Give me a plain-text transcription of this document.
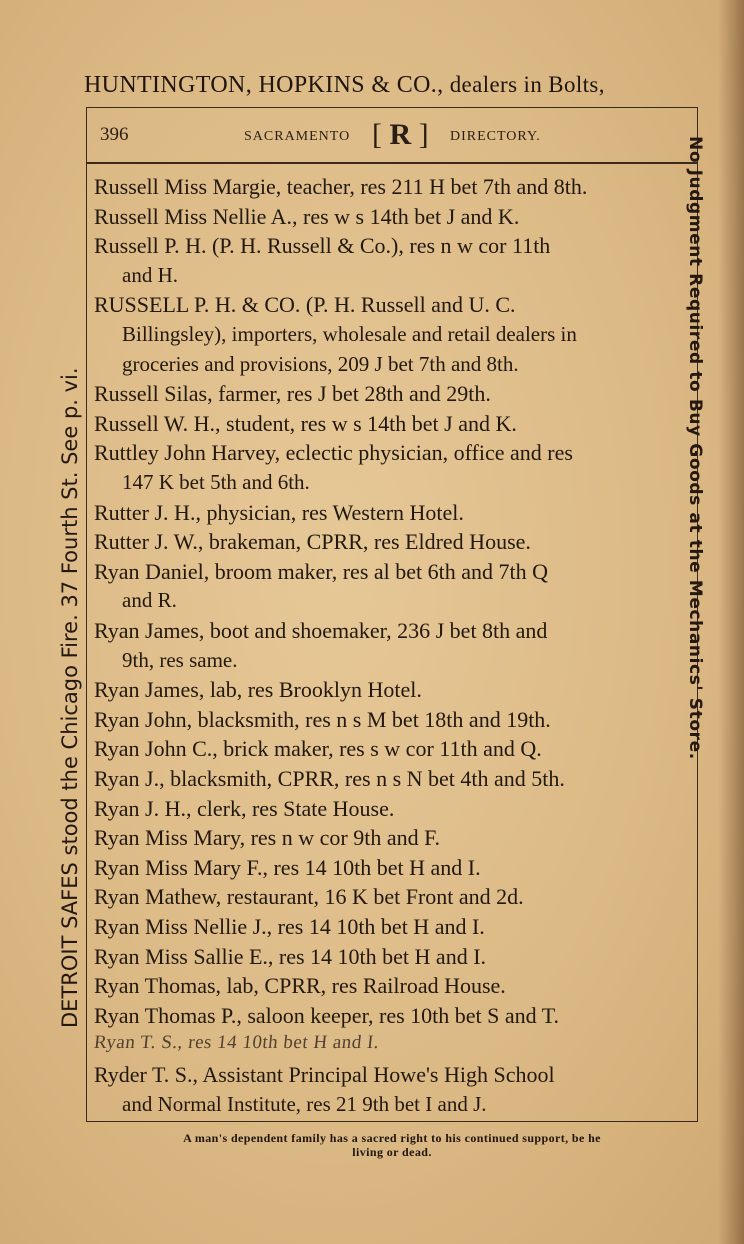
HUNTINGTON, HOPKINS & CO., dealers in Bolts,
396	SACRAMENTO [ R ] DIRECTORY.
DETROIT SAFES stood the Chicago Fire. 37 Fourth St. See p. vi.	No Judgment Required to Buy Goods at the Mechanics' Store.
Russell Miss Margie, teacher, res 211 H bet 7th and 8th.
Russell Miss Nellie A., res w s 14th bet J and K.
Russell P. H. (P. H. Russell & Co.), res n w cor 11th
and H.
RUSSELL P. H. & CO. (P. H. Russell and U. C.
Billingsley), importers, wholesale and retail dealers in
groceries and provisions, 209 J bet 7th and 8th.
Russell Silas, farmer, res J bet 28th and 29th.
Russell W. H., student, res w s 14th bet J and K.
Ruttley John Harvey, eclectic physician, office and res
147 K bet 5th and 6th.
Rutter J. H., physician, res Western Hotel.
Rutter J. W., brakeman, CPRR, res Eldred House.
Ryan Daniel, broom maker, res al bet 6th and 7th Q
and R.
Ryan James, boot and shoemaker, 236 J bet 8th and
9th, res same.
Ryan James, lab, res Brooklyn Hotel.
Ryan John, blacksmith, res n s M bet 18th and 19th.
Ryan John C., brick maker, res s w cor 11th and Q.
Ryan J., blacksmith, CPRR, res n s N bet 4th and 5th.
Ryan J. H., clerk, res State House.
Ryan Miss Mary, res n w cor 9th and F.
Ryan Miss Mary F., res 14 10th bet H and I.
Ryan Mathew, restaurant, 16 K bet Front and 2d.
Ryan Miss Nellie J., res 14 10th bet H and I.
Ryan Miss Sallie E., res 14 10th bet H and I.
Ryan Thomas, lab, CPRR, res Railroad House.
Ryan Thomas P., saloon keeper, res 10th bet S and T.
Ryan T. S., res 14 10th bet H and I.
Ryder T. S., Assistant Principal Howe's High School
and Normal Institute, res 21 9th bet I and J.
A man's dependent family has a sacred right to his continued support, be he
living or dead.
